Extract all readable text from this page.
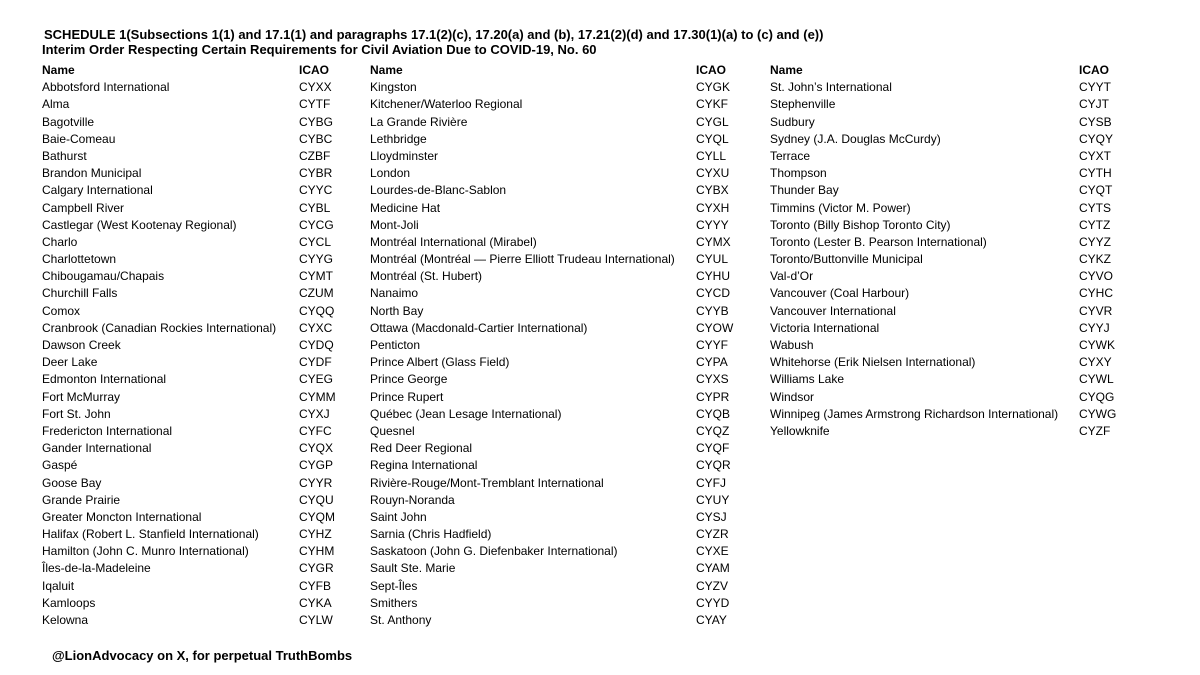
SCHEDULE 1(Subsections 1(1) and 17.1(1) and paragraphs 17.1(2)(c), 17.20(a) and (b), 17.21(2)(d) and 17.30(1)(a) to (c) and (e))
Interim Order Respecting Certain Requirements for Civil Aviation Due to COVID-19, No. 60
Name	ICAO
Abbotsford International	CYXX
Alma	CYTF
Bagotville	CYBG
Baie-Comeau	CYBC
Bathurst	CZBF
Brandon Municipal	CYBR
Calgary International	CYYC
Campbell River	CYBL
Castlegar (West Kootenay Regional)	CYCG
Charlo	CYCL
Charlottetown	CYYG
Chibougamau/Chapais	CYMT
Churchill Falls	CZUM
Comox	CYQQ
Cranbrook (Canadian Rockies International) CYXC
Dawson Creek	CYDQ
Deer Lake	CYDF
Edmonton International	CYEG
Fort McMurray	CYMM
Fort St. John	CYXJ
Fredericton International	CYFC
Gander International	CYQX
Gaspé	CYGP
Goose Bay	CYYR
Grande Prairie	CYQU
Greater Moncton International	CYQM
Halifax (Robert L. Stanfield International)	CYHZ
Hamilton (John C. Munro International)	CYHM
Îles-de-la-Madeleine	CYGR
Iqaluit	CYFB
Kamloops	CYKA
Kelowna	CYLW
Name	ICAO
Kingston	CYGK
Kitchener/Waterloo Regional	CYKF
La Grande Rivière	CYGL
Lethbridge	CYQL
Lloydminster	CYLL
London	CYXU
Lourdes-de-Blanc-Sablon	CYBX
Medicine Hat	CYXH
Mont-Joli	CYYY
Montréal International (Mirabel)	CYMX
Montréal (Montréal — Pierre Elliott Trudeau International) CYUL
Montréal (St. Hubert)	CYHU
Nanaimo	CYCD
North Bay	CYYB
Ottawa (Macdonald-Cartier International)	CYOW
Penticton	CYYF
Prince Albert (Glass Field)	CYPA
Prince George	CYXS
Prince Rupert	CYPR
Québec (Jean Lesage International)	CYQB
Quesnel	CYQZ
Red Deer Regional	CYQF
Regina International	CYQR
Rivière-Rouge/Mont-Tremblant International	CYFJ
Rouyn-Noranda	CYUY
Saint John	CYSJ
Sarnia (Chris Hadfield)	CYZR
Saskatoon (John G. Diefenbaker International)	CYXE
Sault Ste. Marie	CYAM
Sept-Îles	CYZV
Smithers	CYYD
St. Anthony	CYAY
Name	ICAO
St. John’s International	CYYT
Stephenville	CYJT
Sudbury	CYSB
Sydney (J.A. Douglas McCurdy)	CYQY
Terrace	CYXT
Thompson	CYTH
Thunder Bay	CYQT
Timmins (Victor M. Power)	CYTS
Toronto (Billy Bishop Toronto City)	CYTZ
Toronto (Lester B. Pearson International)	CYYZ
Toronto/Buttonville Municipal	CYKZ
Val-d’Or	CYVO
Vancouver (Coal Harbour)	CYHC
Vancouver International	CYVR
Victoria International	CYYJ
Wabush	CYWK
Whitehorse (Erik Nielsen International)	CYXY
Williams Lake	CYWL
Windsor	CYQG
Winnipeg (James Armstrong Richardson International) CYWG
Yellowknife	CYZF
@LionAdvocacy on X, for perpetual TruthBombs
